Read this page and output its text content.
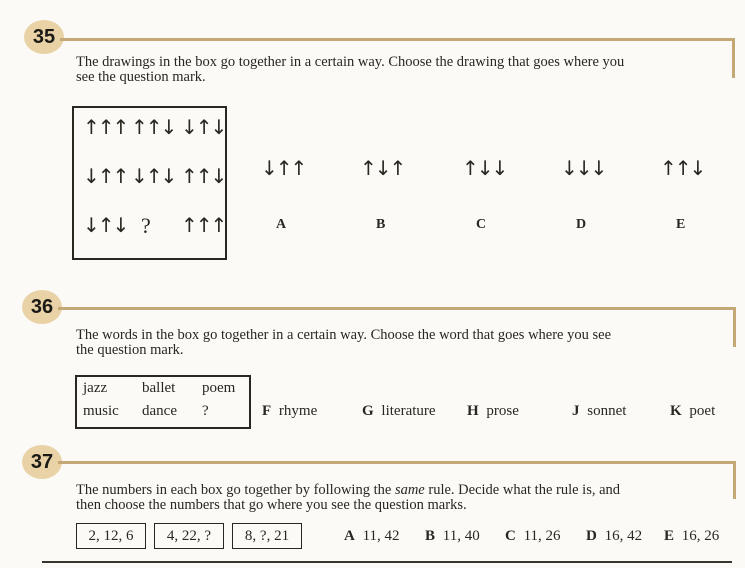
35

The drawings in the box go together in a certain way. Choose the drawing that goes where you
see the question mark.

↑↑↑ ↑↑↓ ↓↑↓
↓↑↑ ↓↑↓ ↑↑↓
↓↑↓ ? ↑↑↑
↓↑↑
A
↑↓↑
B
↑↓↓
C
↓↓↓
D
↑↑↓
E
36

The words in the box go together in a certain way. Choose the word that goes where you see
the question mark.

jazz ballet poem
music dance ?	F rhyme	G literature H prose	J sonnet	K poet
37

The numbers in each box go together by following the same rule. Decide what the rule is, and
then choose the numbers that go where you see the question marks.

2, 12, 6	4, 22, ?	8, ?, 21	A 11, 42 B 11, 40 C 11, 26 D 16, 42 E 16, 26
